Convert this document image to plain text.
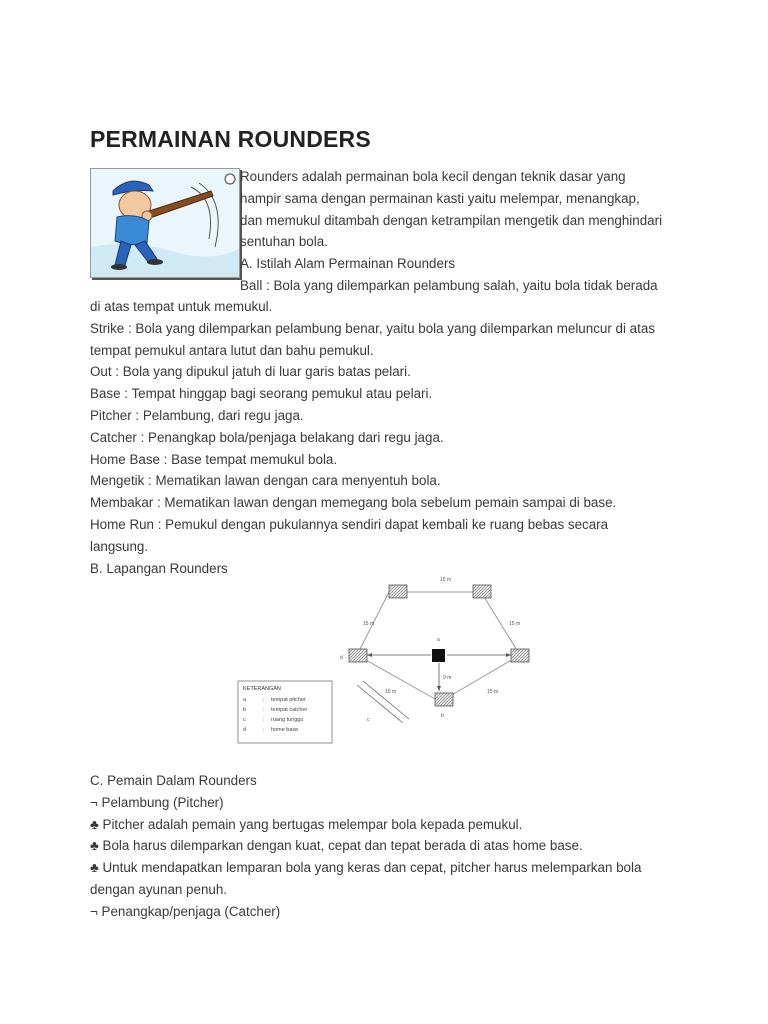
PERMAINAN ROUNDERS
Rounders adalah permainan bola kecil dengan teknik dasar yang
hampir sama dengan permainan kasti yaitu melempar, menangkap,
dan memukul ditambah dengan ketrampilan mengetik dan menghindari
sentuhan bola.
A. Istilah Alam Permainan Rounders
Ball : Bola yang dilemparkan pelambung salah, yaitu bola tidak berada
di atas tempat untuk memukul.
Strike : Bola yang dilemparkan pelambung benar, yaitu bola yang dilemparkan meluncur di atas
tempat pemukul antara lutut dan bahu pemukul.
Out : Bola yang dipukul jatuh di luar garis batas pelari.
Base : Tempat hinggap bagi seorang pemukul atau pelari.
Pitcher : Pelambung, dari regu jaga.
Catcher : Penangkap bola/penjaga belakang dari regu jaga.
Home Base : Base tempat memukul bola.
Mengetik : Mematikan lawan dengan cara menyentuh bola.
Membakar : Mematikan lawan dengan memegang bola sebelum pemain sampai di base.
Home Run : Pemukul dengan pukulannya sendiri dapat kembali ke ruang bebas secara
langsung.
B. Lapangan Rounders
15 m
15 m	15 m
9 m
15 m	15 m
a
b
c
d
KETERANGAN
a	: tempat pitcher
b	: tempat catcher
c	: ruang tunggu
d	: home base
C. Pemain Dalam Rounders
¬ Pelambung (Pitcher)
♣ Pitcher adalah pemain yang bertugas melempar bola kepada pemukul.
♣ Bola harus dilemparkan dengan kuat, cepat dan tepat berada di atas home base.
♣ Untuk mendapatkan lemparan bola yang keras dan cepat, pitcher harus melemparkan bola
dengan ayunan penuh.
¬ Penangkap/penjaga (Catcher)
